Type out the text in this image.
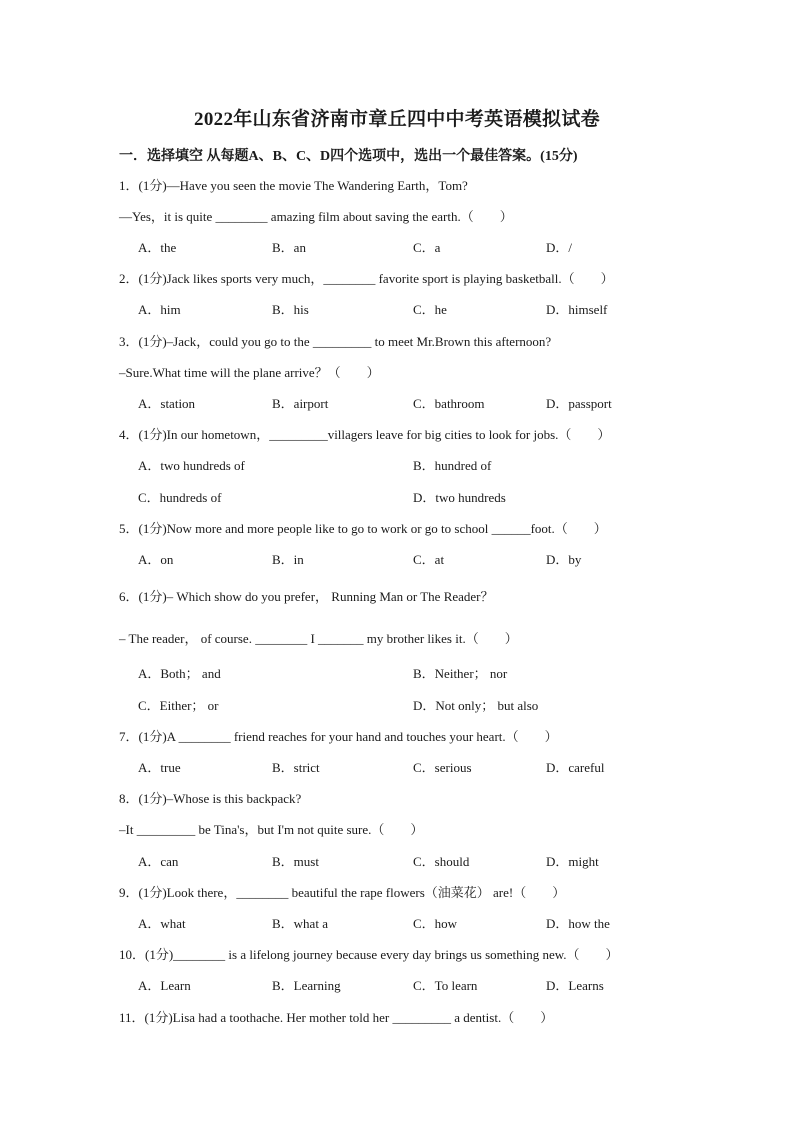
2022年山东省济南市章丘四中中考英语模拟试卷
一．选择填空 从每题A、B、C、D四个选项中，选出一个最佳答案。(15分)
1．(1分)—Have you seen the movie The Wandering Earth，Tom?
—Yes，it is quite ________ amazing film about saving the earth.（　　）
A．the	B．an	C．a	D．/
2．(1分)Jack likes sports very much，________ favorite sport is playing basketball.（　　）
A．him	B．his	C．he	D．himself
3．(1分)–Jack，could you go to the _________ to meet Mr.Brown this afternoon?
–Sure.What time will the plane arrive？（　　）
A．station	B．airport	C．bathroom	D．passport
4．(1分)In our hometown，_________villagers leave for big cities to look for jobs.（　　）
A．two hundreds of	B．hundred of
C．hundreds of	D．two hundreds
5．(1分)Now more and more people like to go to work or go to school ______foot.（　　）
A．on	B．in	C．at	D．by
6．(1分)– Which show do you prefer， Running Man or The Reader？
– The reader， of course. ________ I _______ my brother likes it.（　　）
A．Both； and	B．Neither； nor
C．Either； or	D．Not only； but also
7．(1分)A ________ friend reaches for your hand and touches your heart.（　　）
A．true	B．strict	C．serious	D．careful
8．(1分)–Whose is this backpack?
–It _________ be Tina's，but I'm not quite sure.（　　）
A．can	B．must	C．should	D．might
9．(1分)Look there，________ beautiful the rape flowers（油菜花） are!（　　）
A．what	B．what a	C．how	D．how the
10．(1分)________ is a lifelong journey because every day brings us something new.（　　）
A．Learn	B．Learning	C．To learn	D．Learns
11．(1分)Lisa had a toothache. Her mother told her _________ a dentist.（　　）
